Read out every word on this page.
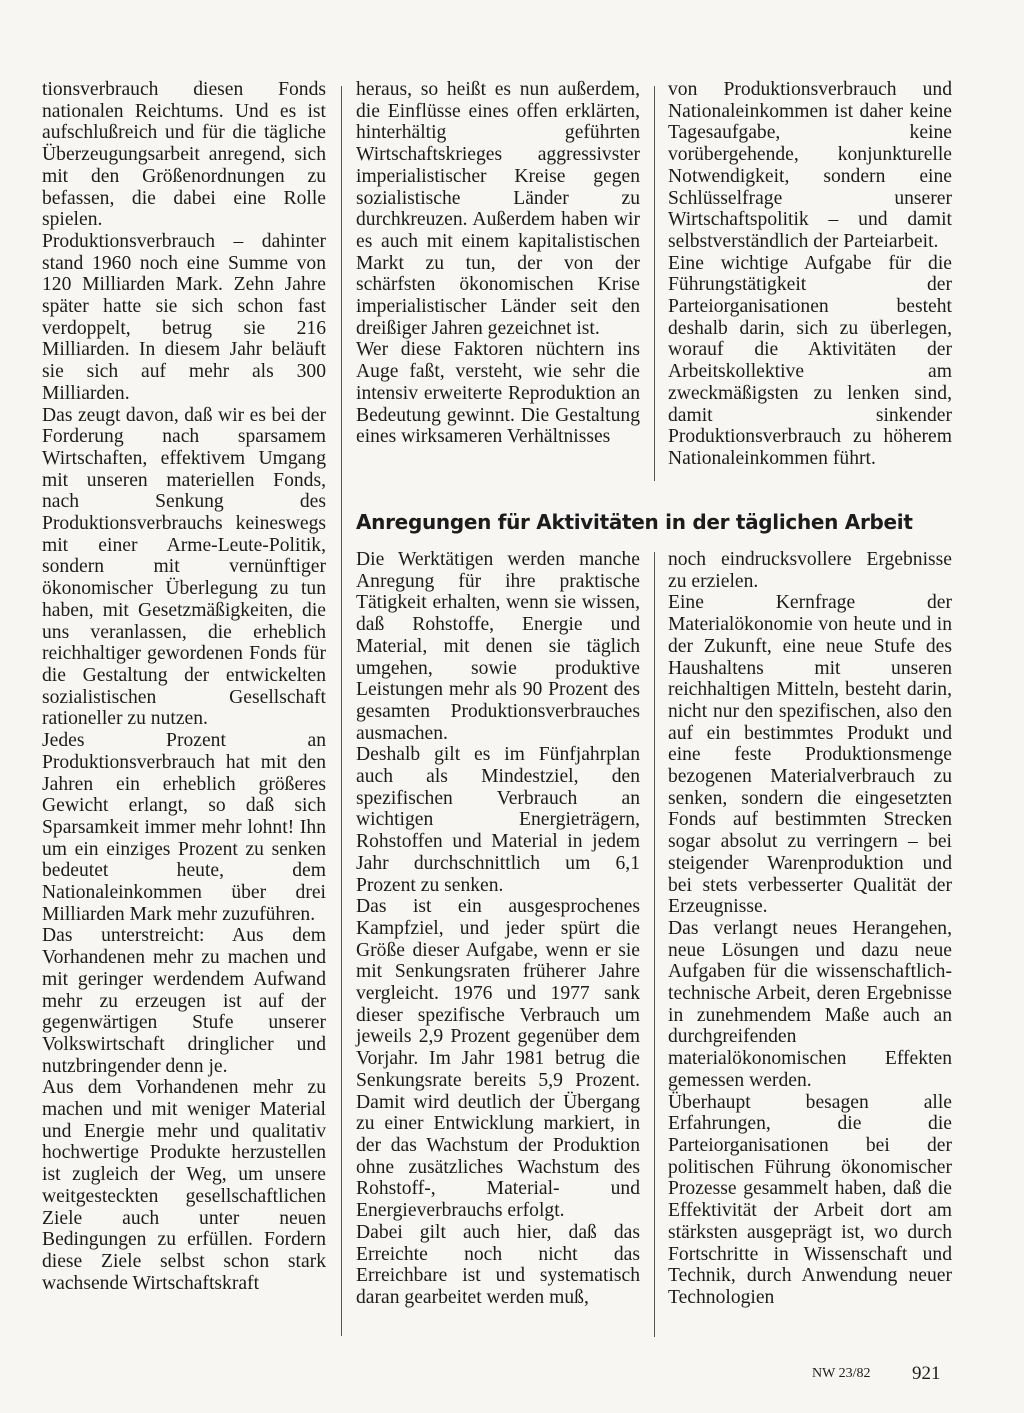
tionsverbrauch diesen Fonds nationalen Reichtums. Und es ist aufschlußreich und für die tägliche Überzeugungsarbeit anregend, sich mit den Größenordnungen zu befassen, die dabei eine Rolle spielen.

Produktionsverbrauch – dahinter stand 1960 noch eine Summe von 120 Milliarden Mark. Zehn Jahre später hatte sie sich schon fast verdoppelt, betrug sie 216 Milliarden. In diesem Jahr beläuft sie sich auf mehr als 300 Milliarden.

Das zeugt davon, daß wir es bei der Forderung nach sparsamem Wirtschaften, effektivem Umgang mit unseren materiellen Fonds, nach Senkung des Produktionsverbrauchs keineswegs mit einer Arme-Leute-Politik, sondern mit vernünftiger ökonomischer Überlegung zu tun haben, mit Gesetzmäßigkeiten, die uns veranlassen, die erheblich reichhaltiger gewordenen Fonds für die Gestaltung der entwickelten sozialistischen Gesellschaft rationeller zu nutzen.

Jedes Prozent an Produktionsverbrauch hat mit den Jahren ein erheblich größeres Gewicht erlangt, so daß sich Sparsamkeit immer mehr lohnt! Ihn um ein einziges Prozent zu senken bedeutet heute, dem Nationaleinkommen über drei Milliarden Mark mehr zuzuführen.

Das unterstreicht: Aus dem Vorhandenen mehr zu machen und mit geringer werdendem Aufwand mehr zu erzeugen ist auf der gegenwärtigen Stufe unserer Volkswirtschaft dringlicher und nutzbringender denn je.

Aus dem Vorhandenen mehr zu machen und mit weniger Material und Energie mehr und qualitativ hochwertige Produkte herzustellen ist zugleich der Weg, um unsere weitgesteckten gesellschaftlichen Ziele auch unter neuen Bedingungen zu erfüllen. Fordern diese Ziele selbst schon stark wachsende Wirtschaftskraft

heraus, so heißt es nun außerdem, die Einflüsse eines offen erklärten, hinterhältig geführten Wirtschaftskrieges aggressivster imperialistischer Kreise gegen sozialistische Länder zu durchkreuzen. Außerdem haben wir es auch mit einem kapitalistischen Markt zu tun, der von der schärfsten ökonomischen Krise imperialistischer Länder seit den dreißiger Jahren gezeichnet ist.

Wer diese Faktoren nüchtern ins Auge faßt, versteht, wie sehr die intensiv erweiterte Reproduktion an Bedeutung gewinnt. Die Gestaltung eines wirksameren Verhältnisses

von Produktionsverbrauch und Nationaleinkommen ist daher keine Tagesaufgabe, keine vorübergehende, konjunkturelle Notwendigkeit, sondern eine Schlüsselfrage unserer Wirtschaftspolitik – und damit selbstverständlich der Parteiarbeit.

Eine wichtige Aufgabe für die Führungstätigkeit der Parteiorganisationen besteht deshalb darin, sich zu überlegen, worauf die Aktivitäten der Arbeitskollektive am zweckmäßigsten zu lenken sind, damit sinkender Produktionsverbrauch zu höherem Nationaleinkommen führt.

Anregungen für Aktivitäten in der täglichen Arbeit

Die Werktätigen werden manche Anregung für ihre praktische Tätigkeit erhalten, wenn sie wissen, daß Rohstoffe, Energie und Material, mit denen sie täglich umgehen, sowie produktive Leistungen mehr als 90 Prozent des gesamten Produktionsverbrauches ausmachen.

Deshalb gilt es im Fünfjahrplan auch als Mindestziel, den spezifischen Verbrauch an wichtigen Energieträgern, Rohstoffen und Material in jedem Jahr durchschnittlich um 6,1 Prozent zu senken.

Das ist ein ausgesprochenes Kampfziel, und jeder spürt die Größe dieser Aufgabe, wenn er sie mit Senkungsraten früherer Jahre vergleicht. 1976 und 1977 sank dieser spezifische Verbrauch um jeweils 2,9 Prozent gegenüber dem Vorjahr. Im Jahr 1981 betrug die Senkungsrate bereits 5,9 Prozent. Damit wird deutlich der Übergang zu einer Entwicklung markiert, in der das Wachstum der Produktion ohne zusätzliches Wachstum des Rohstoff-, Material- und Energieverbrauchs erfolgt.

Dabei gilt auch hier, daß das Erreichte noch nicht das Erreichbare ist und systematisch daran gearbeitet werden muß,

noch eindrucksvollere Ergebnisse zu erzielen.

Eine Kernfrage der Materialökonomie von heute und in der Zukunft, eine neue Stufe des Haushaltens mit unseren reichhaltigen Mitteln, besteht darin, nicht nur den spezifischen, also den auf ein bestimmtes Produkt und eine feste Produktionsmenge bezogenen Materialverbrauch zu senken, sondern die eingesetzten Fonds auf bestimmten Strecken sogar absolut zu verringern – bei steigender Warenproduktion und bei stets verbesserter Qualität der Erzeugnisse.

Das verlangt neues Herangehen, neue Lösungen und dazu neue Aufgaben für die wissenschaftlich-technische Arbeit, deren Ergebnisse in zunehmendem Maße auch an durchgreifenden materialökonomischen Effekten gemessen werden.

Überhaupt besagen alle Erfahrungen, die die Parteiorganisationen bei der politischen Führung ökonomischer Prozesse gesammelt haben, daß die Effektivität der Arbeit dort am stärksten ausgeprägt ist, wo durch Fortschritte in Wissenschaft und Technik, durch Anwendung neuer Technologien

NW 23/82 921
